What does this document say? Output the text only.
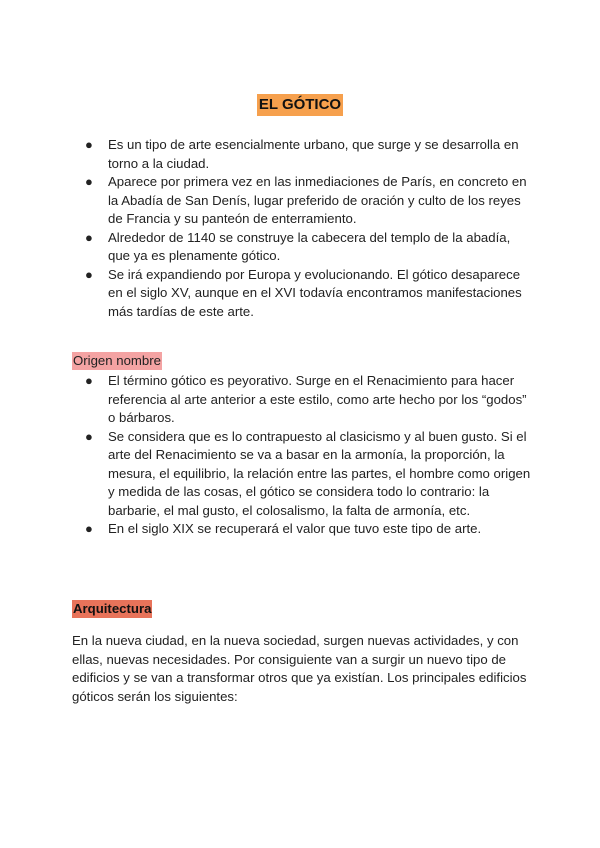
EL GÓTICO
● Es un tipo de arte esencialmente urbano, que surge y se desarrolla en torno a la ciudad.
● Aparece por primera vez en las inmediaciones de París, en concreto en la Abadía de San Denís, lugar preferido de oración y culto de los reyes de Francia y su panteón de enterramiento.
● Alrededor de 1140 se construye la cabecera del templo de la abadía, que ya es plenamente gótico.
● Se irá expandiendo por Europa y evolucionando. El gótico desaparece en el siglo XV, aunque en el XVI todavía encontramos manifestaciones más tardías de este arte.
Origen nombre
● El término gótico es peyorativo. Surge en el Renacimiento para hacer referencia al arte anterior a este estilo, como arte hecho por los “godos” o bárbaros.
● Se considera que es lo contrapuesto al clasicismo y al buen gusto. Si el arte del Renacimiento se va a basar en la armonía, la proporción, la mesura, el equilibrio, la relación entre las partes, el hombre como origen y medida de las cosas, el gótico se considera todo lo contrario: la barbarie, el mal gusto, el colosalismo, la falta de armonía, etc.
● En el siglo XIX se recuperará el valor que tuvo este tipo de arte.
Arquitectura

En la nueva ciudad, en la nueva sociedad, surgen nuevas actividades, y con ellas, nuevas necesidades. Por consiguiente van a surgir un nuevo tipo de edificios y se van a transformar otros que ya existían. Los principales edificios góticos serán los siguientes:
